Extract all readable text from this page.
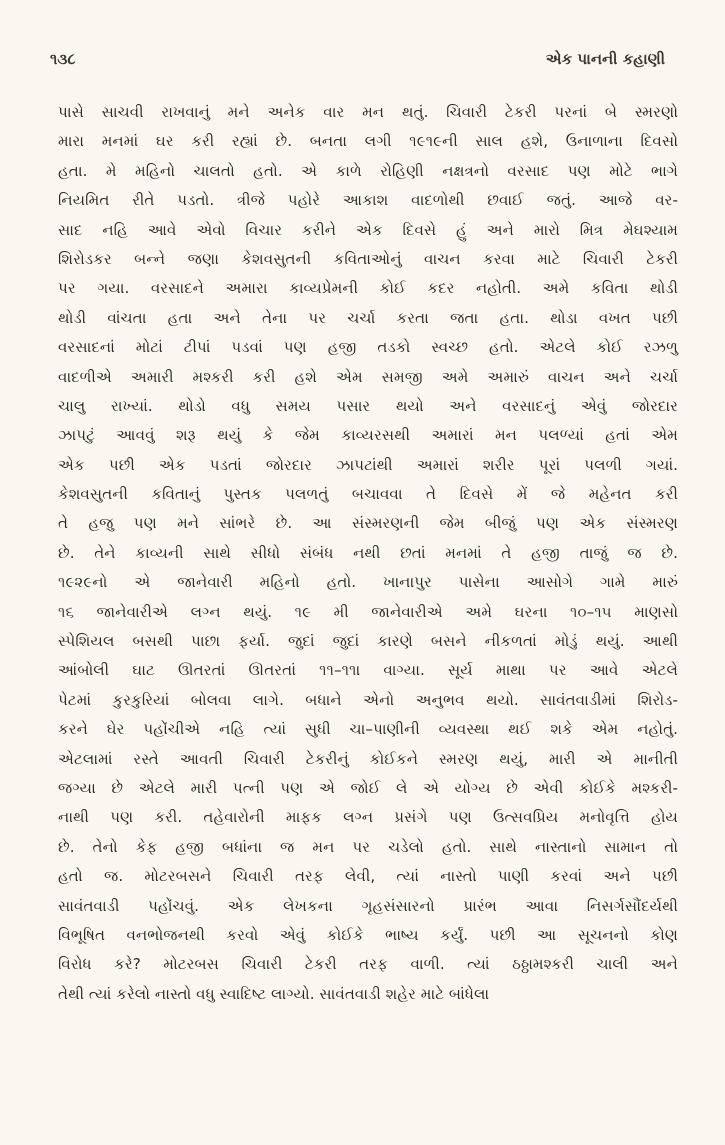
૧૩૮	એક પાનની કહાણી
પાસે સાચવી રાખવાનું મને અનેક વાર મન થતું. ચિવારી ટેકરી પરનાં બે સ્મરણો
મારા મનમાં ઘર કરી રહ્યાં છે. બનતા લગી ૧૯૧૯ની સાલ હશે, ઉનાળાના દિવસો
હતા. મે મહિનો ચાલતો હતો. એ કાળે રોહિણી નક્ષત્રનો વરસાદ પણ મોટે ભાગે
નિયમિત રીતે પડતો. ત્રીજે પહોરે આકાશ વાદળોથી છવાઈ જતું. આજે વર-
સાદ નહિ આવે એવો વિચાર કરીને એક દિવસે હું અને મારો મિત્ર મેઘશ્યામ
શિરોડકર બન્ને જણા કેશવસુતની કવિતાઓનું વાચન કરવા માટે ચિવારી ટેકરી
પર ગયા. વરસાદને અમારા કાવ્યપ્રેમની કોઈ કદર નહોતી. અમે કવિતા થોડી
થોડી વાંચતા હતા અને તેના પર ચર્ચા કરતા જતા હતા. થોડા વખત પછી
વરસાદનાં મોટાં ટીપાં પડવાં પણ હજી તડકો સ્વચ્છ હતો. એટલે કોઈ રઝળુ
વાદળીએ અમારી મશ્કરી કરી હશે એમ સમજી અમે અમારું વાચન અને ચર્ચા
ચાલુ રાખ્યાં. થોડો વધુ સમય પસાર થયો અને વરસાદનું એવું જોરદાર
ઝાપટું આવવું શરૂ થયું કે જેમ કાવ્યરસથી અમારાં મન પલળ્યાં હતાં એમ
એક પછી એક પડતાં જોરદાર ઝાપટાંથી અમારાં શરીર પૂરાં પલળી ગયાં.
કેશવસુતની કવિતાનું પુસ્તક પલળતું બચાવવા તે દિવસે મેં જે મહેનત કરી
તે હજુ પણ મને સાંભરે છે. આ સંસ્મરણની જેમ બીજું પણ એક સંસ્મરણ
છે. તેને કાવ્યની સાથે સીધો સંબંધ નથી છતાં મનમાં તે હજી તાજું જ છે.
૧૯૨૯નો એ જાનેવારી મહિનો હતો. ખાનાપુર પાસેના આસોગે ગામે મારું
૧૬ જાનેવારીએ લગ્ન થયું. ૧૯ મી જાનેવારીએ અમે ઘરના ૧૦–૧૫ માણસો
સ્પેશિયલ બસથી પાછા ફર્યા. જુદાં જુદાં કારણે બસને નીકળતાં મોડું થયું. આથી
આંબોલી ઘાટ ઊતરતાં ઊતરતાં ૧૧–૧૧ા વાગ્યા. સૂર્ય માથા પર આવે એટલે
પેટમાં કુરકુરિયાં બોલવા લાગે. બધાને એનો અનુભવ થયો. સાવંતવાડીમાં શિરોડ-
કરને ઘેર પહોંચીએ નહિ ત્યાં સુધી ચા–પાણીની વ્યવસ્થા થઈ શકે એમ નહોતું.
એટલામાં રસ્તે આવતી ચિવારી ટેકરીનું કોઈકને સ્મરણ થયું, મારી એ માનીતી
જગ્યા છે એટલે મારી પત્ની પણ એ જોઈ લે એ યોગ્ય છે એવી કોઈકે મશ્કરી-
નાથી પણ કરી. તહેવારોની માફક લગ્ન પ્રસંગે પણ ઉત્સવપ્રિય મનોવૃત્તિ હોય
છે. તેનો કેફ હજી બધાંના જ મન પર ચડેલો હતો. સાથે નાસ્તાનો સામાન તો
હતો જ. મોટરબસને ચિવારી તરફ લેવી, ત્યાં નાસ્તો પાણી કરવાં અને પછી
સાવંતવાડી પહોંચવું. એક લેખકના ગૃહસંસારનો પ્રારંભ આવા નિસર્ગસૌંદર્યથી
વિભૂષિત વનભોજનથી કરવો એવું કોઈકે ભાષ્ય કર્યું. પછી આ સૂચનનો કોણ
વિરોધ કરે? મોટરબસ ચિવારી ટેકરી તરફ વાળી. ત્યાં ઠઠ્ઠામશ્કરી ચાલી અને
તેથી ત્યાં કરેલો નાસ્તો વધુ સ્વાદિષ્ટ લાગ્યો. સાવંતવાડી શહેર માટે બાંધેલા
